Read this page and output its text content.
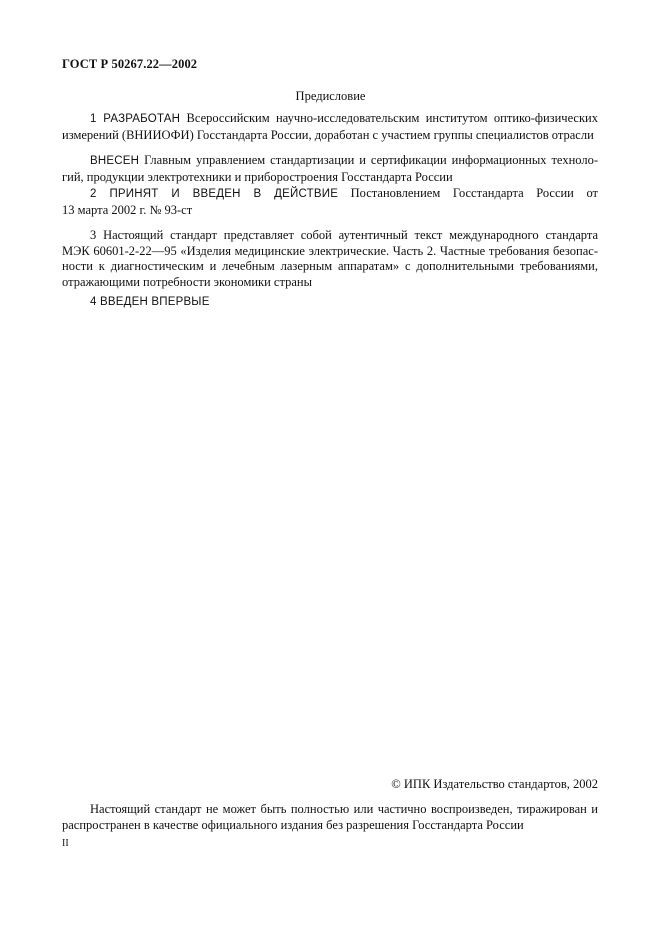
ГОСТ Р 50267.22—2002
Предисловие
1 РАЗРАБОТАН Всероссийским научно-исследовательским институтом оптико-физических
измерений (ВНИИОФИ) Госстандарта России, доработан с участием группы специалистов отрасли
ВНЕСЕН Главным управлением стандартизации и сертификации информационных техноло-
гий, продукции электротехники и приборостроения Госстандарта России
2 ПРИНЯТ И ВВЕДЕН В ДЕЙСТВИЕ Постановлением Госстандарта России от
13 марта 2002 г. № 93-ст
3 Настоящий стандарт представляет собой аутентичный текст международного стандарта
МЭК 60601-2-22—95 «Изделия медицинские электрические. Часть 2. Частные требования безопас-
ности к диагностическим и лечебным лазерным аппаратам» с дополнительными требованиями,
отражающими потребности экономики страны
4 ВВЕДЕН ВПЕРВЫЕ
© ИПК Издательство стандартов, 2002
Настоящий стандарт не может быть полностью или частично воспроизведен, тиражирован и
распространен в качестве официального издания без разрешения Госстандарта России
II
